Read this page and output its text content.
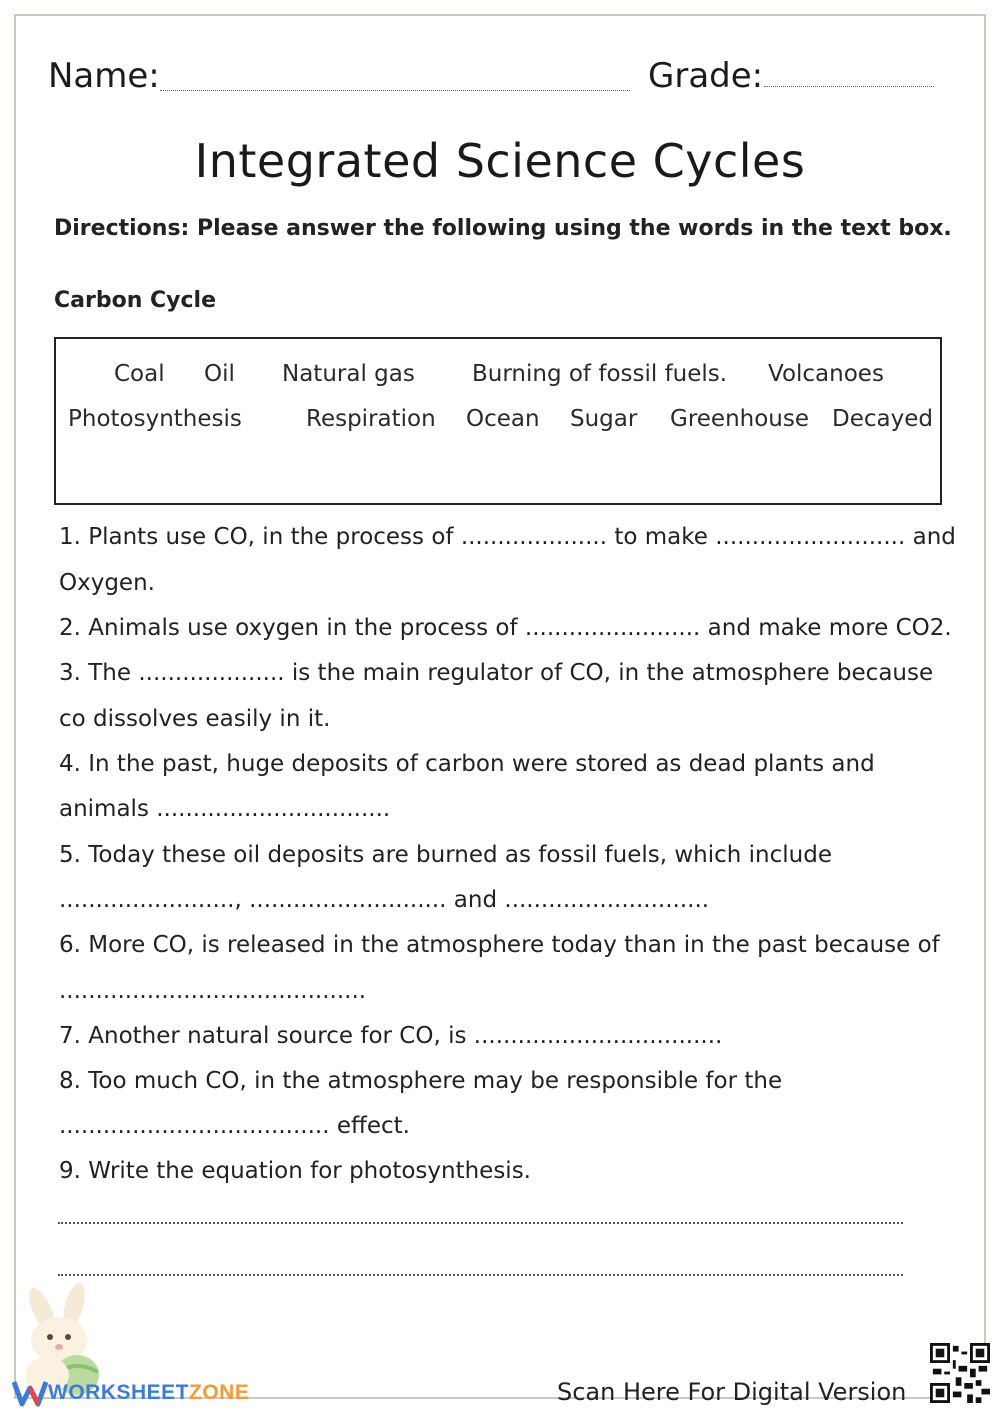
Name:	Grade:
Integrated Science Cycles
Directions: Please answer the following using the words in the text box.
Carbon Cycle
Coal Oil Natural gas Burning of fossil fuels. Volcanoes
Photosynthesis	Respiration Ocean Sugar Greenhouse Decayed
1. Plants use CO, in the process of .................... to make .......................... and
Oxygen.
2. Animals use oxygen in the process of ........................ and make more CO2.
3. The .................... is the main regulator of CO, in the atmosphere because
co dissolves easily in it.
4. In the past, huge deposits of carbon were stored as dead plants and
animals ................................
5. Today these oil deposits are burned as fossil fuels, which include
........................, ........................... and ............................
6. More CO, is released in the atmosphere today than in the past because of
..........................................
7. Another natural source for CO, is ..................................
8. Too much CO, in the atmosphere may be responsible for the
..................................... effect.
9. Write the equation for photosynthesis.
WORKSHEETZONE	Scan Here For Digital Version
